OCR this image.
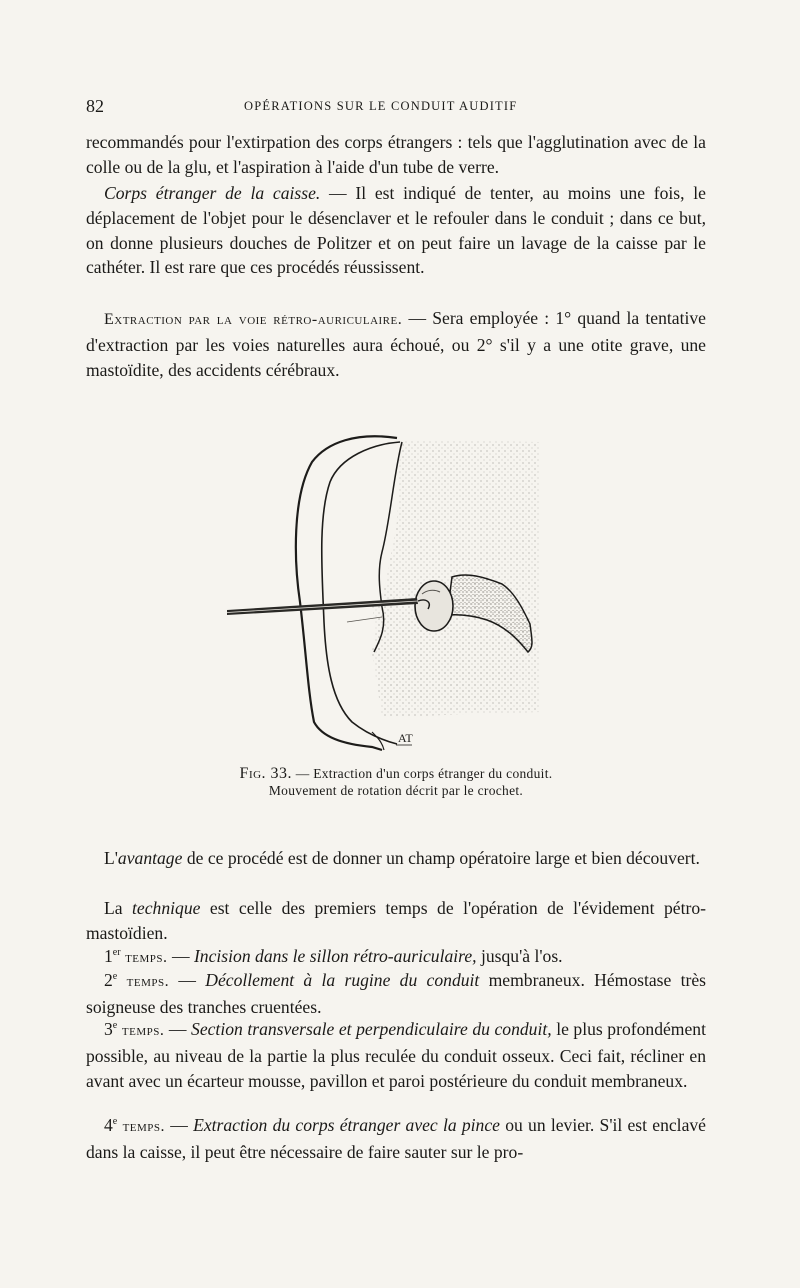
82	OPÉRATIONS SUR LE CONDUIT AUDITIF
recommandés pour l'extirpation des corps étrangers : tels que l'agglutination avec de la colle ou de la glu, et l'aspiration à l'aide d'un tube de verre.
Corps étranger de la caisse. — Il est indiqué de tenter, au moins une fois, le déplacement de l'objet pour le désenclaver et le refouler dans le conduit ; dans ce but, on donne plusieurs douches de Politzer et on peut faire un lavage de la caisse par le cathéter. Il est rare que ces procédés réussissent.
Extraction par la voie rétro-auriculaire. — Sera employée : 1° quand la tentative d'extraction par les voies naturelles aura échoué, ou 2° s'il y a une otite grave, une mastoïdite, des accidents cérébraux.
AT
Fig. 33. — Extraction d'un corps étranger du conduit.
Mouvement de rotation décrit par le crochet.
L'avantage de ce procédé est de donner un champ opératoire large et bien découvert.
La technique est celle des premiers temps de l'opération de l'évidement pétro-mastoïdien.
1er temps. — Incision dans le sillon rétro-auriculaire, jusqu'à l'os.
2e temps. — Décollement à la rugine du conduit membraneux. Hémostase très soigneuse des tranches cruentées.
3e temps. — Section transversale et perpendiculaire du conduit, le plus profondément possible, au niveau de la partie la plus reculée du conduit osseux. Ceci fait, récliner en avant avec un écarteur mousse, pavillon et paroi postérieure du conduit membraneux.
4e temps. — Extraction du corps étranger avec la pince ou un levier. S'il est enclavé dans la caisse, il peut être nécessaire de faire sauter sur le pro-
